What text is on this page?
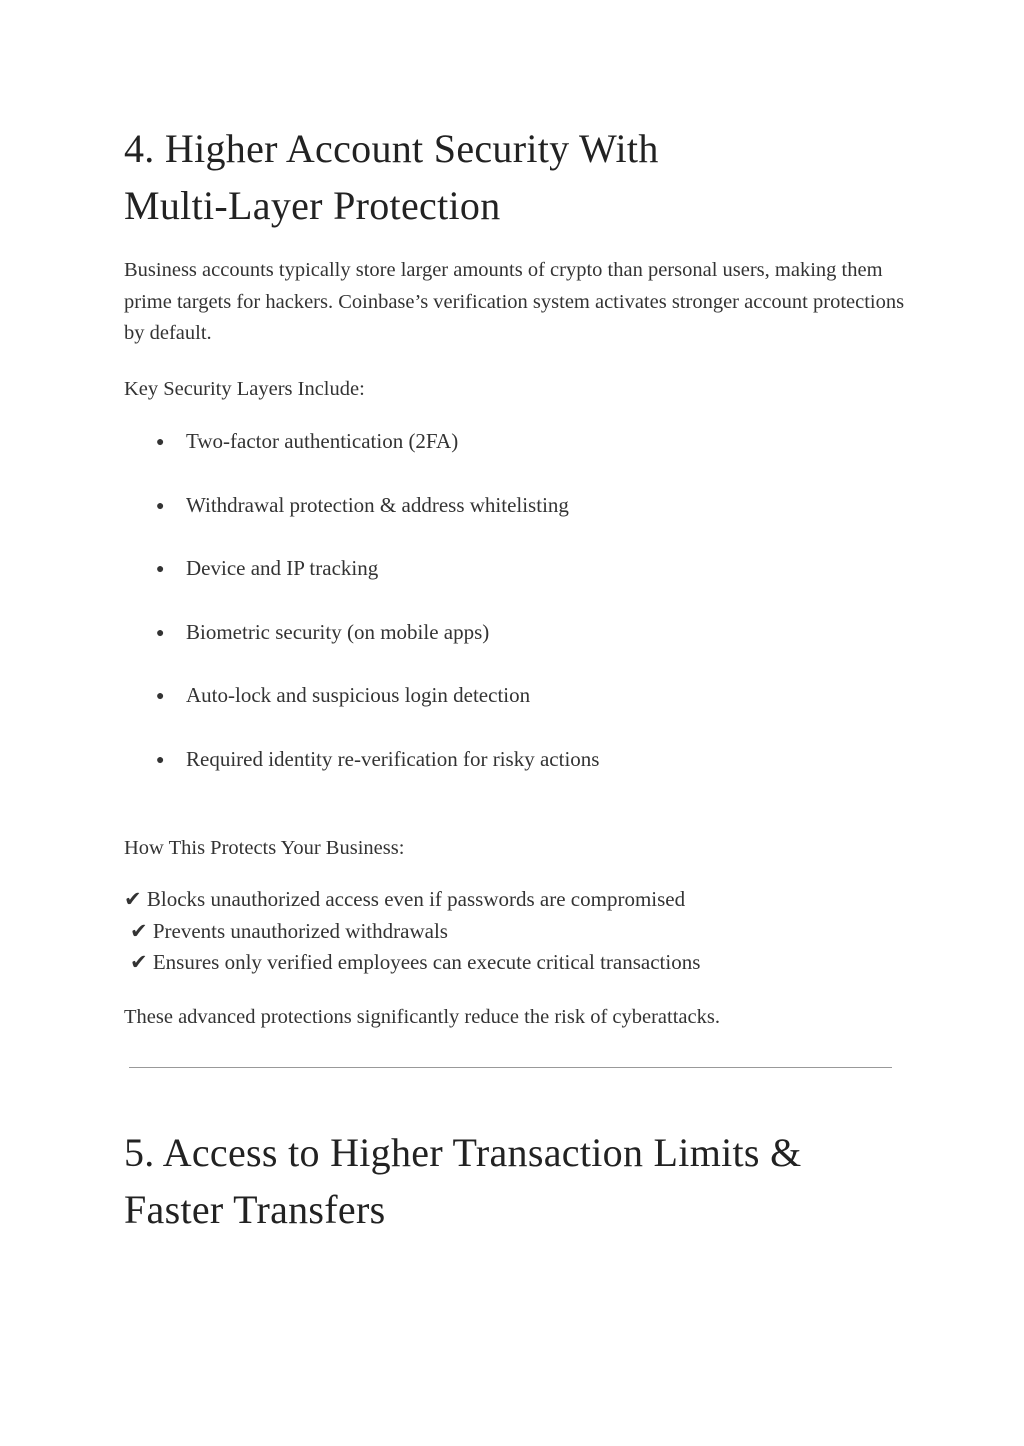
4. Higher Account Security With
Multi-Layer Protection
Business accounts typically store larger amounts of crypto than personal users, making them prime targets for hackers. Coinbase’s verification system activates stronger account protections by default.
Key Security Layers Include:
● Two-factor authentication (2FA)
● Withdrawal protection & address whitelisting
● Device and IP tracking
● Biometric security (on mobile apps)
● Auto-lock and suspicious login detection
● Required identity re-verification for risky actions
How This Protects Your Business:
✔ Blocks unauthorized access even if passwords are compromised
✔ Prevents unauthorized withdrawals
✔ Ensures only verified employees can execute critical transactions
These advanced protections significantly reduce the risk of cyberattacks.
5. Access to Higher Transaction Limits &
Faster Transfers
